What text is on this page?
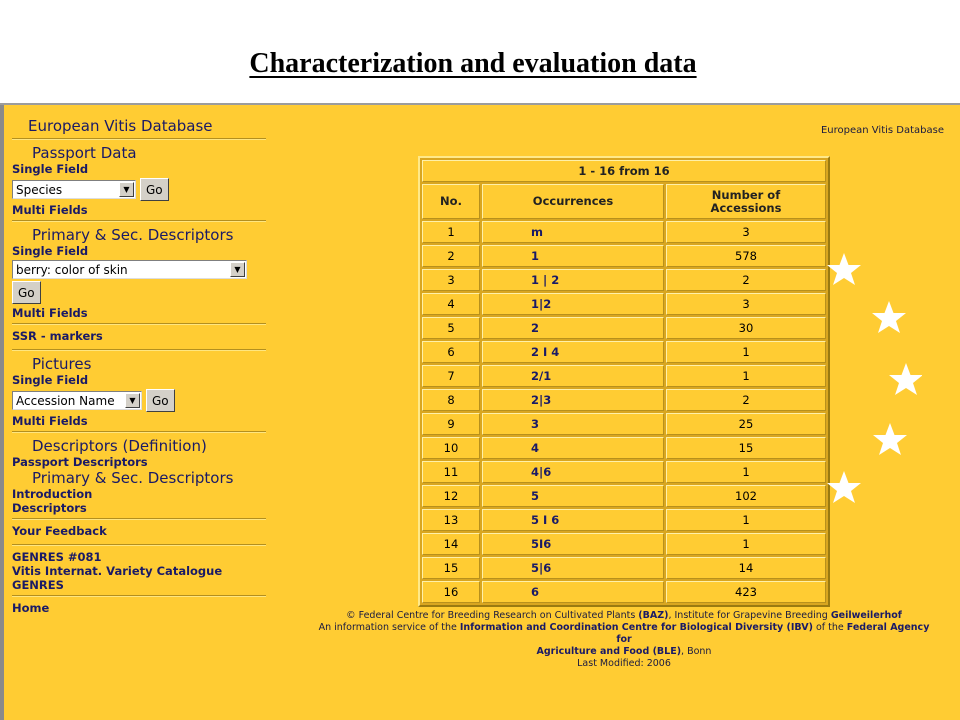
Characterization and evaluation data
European Vitis Database
Passport Data
Single Field
Species	▼	Go
Multi Fields
Primary & Sec. Descriptors
Single Field
berry: color of skin	▼
Go
Multi Fields
SSR - markers
Pictures
Single Field
Accession Name	▼	Go
Multi Fields
Descriptors (Definition)
Passport Descriptors
Primary & Sec. Descriptors
Introduction
Descriptors
Your Feedback
GENRES #081
Vitis Internat. Variety Catalogue
GENRES
Home
European Vitis Database
1 - 16 from 16		
No.	Occurrences	Number of
Accessions
1	m	3
2	1	578
3	1 | 2	2
4	1|2	3
5	2	30
6	2 I 4	1
7	2/1	1
8	2|3	2
9	3	25
10	4	15
11	4|6	1
12	5	102
13	5 I 6	1
14	5I6	1
15	5|6	14
16	6	423
© Federal Centre for Breeding Research on Cultivated Plants (BAZ), Institute for Grapevine Breeding Geilweilerhof
An information service of the Information and Coordination Centre for Biological Diversity (IBV) of the Federal Agency for
Agriculture and Food (BLE), Bonn
Last Modified: 2006
